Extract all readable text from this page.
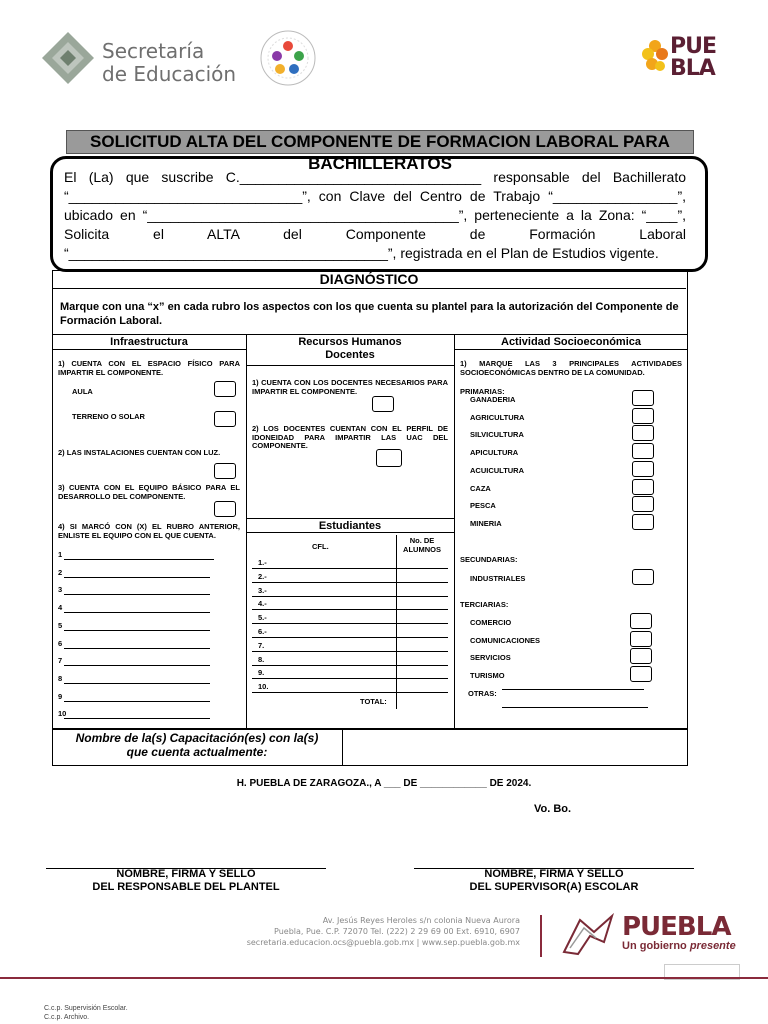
Secretaría
de Educación
PUE
BLA
SOLICITUD ALTA DEL COMPONENTE DE FORMACION LABORAL PARA BACHILLERATOS
El (La) que suscribe C._______________________________ responsable del Bachillerato
“______________________________”, con Clave del Centro de Trabajo “________________”,
ubicado en “________________________________________”, perteneciente a la Zona: “____”,
Solicita el ALTA del Componente de Formación Laboral
“_________________________________________”, registrada en el Plan de Estudios vigente.
DIAGNÓSTICO
Marque con una “x” en cada rubro los aspectos con los que cuenta su plantel para la autorización del Componente de Formación Laboral.
Infraestructura	Recursos Humanos
Docentes
Actividad Socioeconómica
1) CUENTA CON EL ESPACIO FÍSICO PARA IMPARTIR EL COMPONENTE.
AULA
TERRENO O SOLAR
2) LAS INSTALACIONES CUENTAN CON LUZ.
3) CUENTA CON EL EQUIPO BÁSICO PARA EL DESARROLLO DEL COMPONENTE.
4) SI MARCÓ CON (X) EL RUBRO ANTERIOR, ENLISTE EL EQUIPO CON EL QUE CUENTA.
1
2
3
4
5
6
7
8
9
10
1) CUENTA CON LOS DOCENTES NECESARIOS PARA IMPARTIR EL COMPONENTE.
2) LOS DOCENTES CUENTAN CON EL PERFIL DE IDONEIDAD PARA IMPARTIR LAS UAC DEL COMPONENTE.
Estudiantes
CFL.
No. DE
ALUMNOS
1.-
2.-
3.-
4.-
5.-
6.-
7.
8.
9.
10.
TOTAL:
1) MARQUE LAS 3 PRINCIPALES ACTIVIDADES SOCIOECONÓMICAS DENTRO DE LA COMUNIDAD.
PRIMARIAS:
GANADERIA
AGRICULTURA
SILVICULTURA
APICULTURA
ACUICULTURA
CAZA
PESCA
MINERIA
SECUNDARIAS:
INDUSTRIALES
TERCIARIAS:
COMERCIO
COMUNICACIONES
SERVICIOS
TURISMO
OTRAS:
Nombre de la(s) Capacitación(es) con la(s)
que cuenta actualmente:
H. PUEBLA DE ZARAGOZA., A ___ DE ____________ DE 2024.
Vo. Bo.
NOMBRE, FIRMA Y SELLO
DEL RESPONSABLE DEL PLANTEL
NOMBRE, FIRMA Y SELLO
DEL SUPERVISOR(A) ESCOLAR
Av. Jesús Reyes Heroles s/n colonia Nueva Aurora
Puebla, Pue. C.P. 72070 Tel. (222) 2 29 69 00 Ext. 6910, 6907
secretaria.educacion.ocs@puebla.gob.mx | www.sep.puebla.gob.mx
PUEBLA
Un gobierno presente
C.c.p. Supervisión Escolar.
C.c.p. Archivo.
